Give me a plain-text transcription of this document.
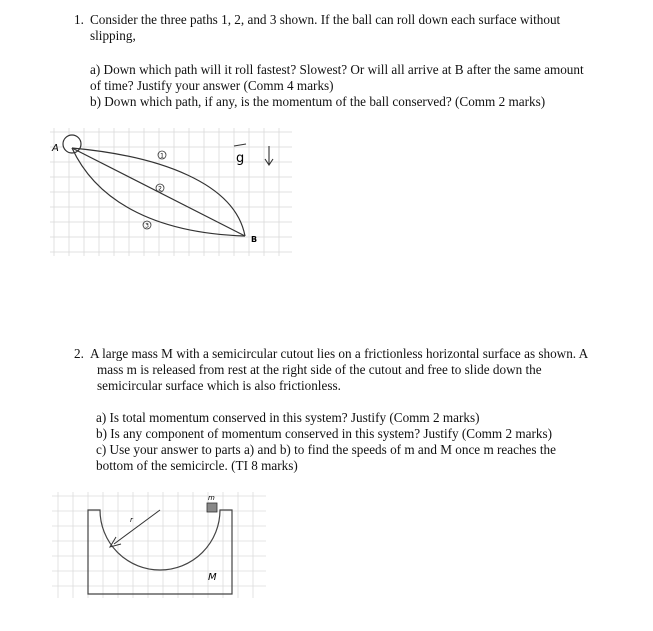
1. Consider the three paths 1, 2, and 3 shown. If the ball can roll down each surface without
slipping,
a) Down which path will it roll fastest? Slowest? Or will all arrive at B after the same amount
of time? Justify your answer (Comm 4 marks)
b) Down which path, if any, is the momentum of the ball conserved? (Comm 2 marks)
1
2
3
A
B
g
2. A large mass M with a semicircular cutout lies on a frictionless horizontal surface as shown. A
mass m is released from rest at the right side of the cutout and free to slide down the
semicircular surface which is also frictionless.
a) Is total momentum conserved in this system? Justify (Comm 2 marks)
b) Is any component of momentum conserved in this system? Justify (Comm 2 marks)
c) Use your answer to parts a) and b) to find the speeds of m and M once m reaches the
bottom of the semicircle. (TI 8 marks)
m
r
M
